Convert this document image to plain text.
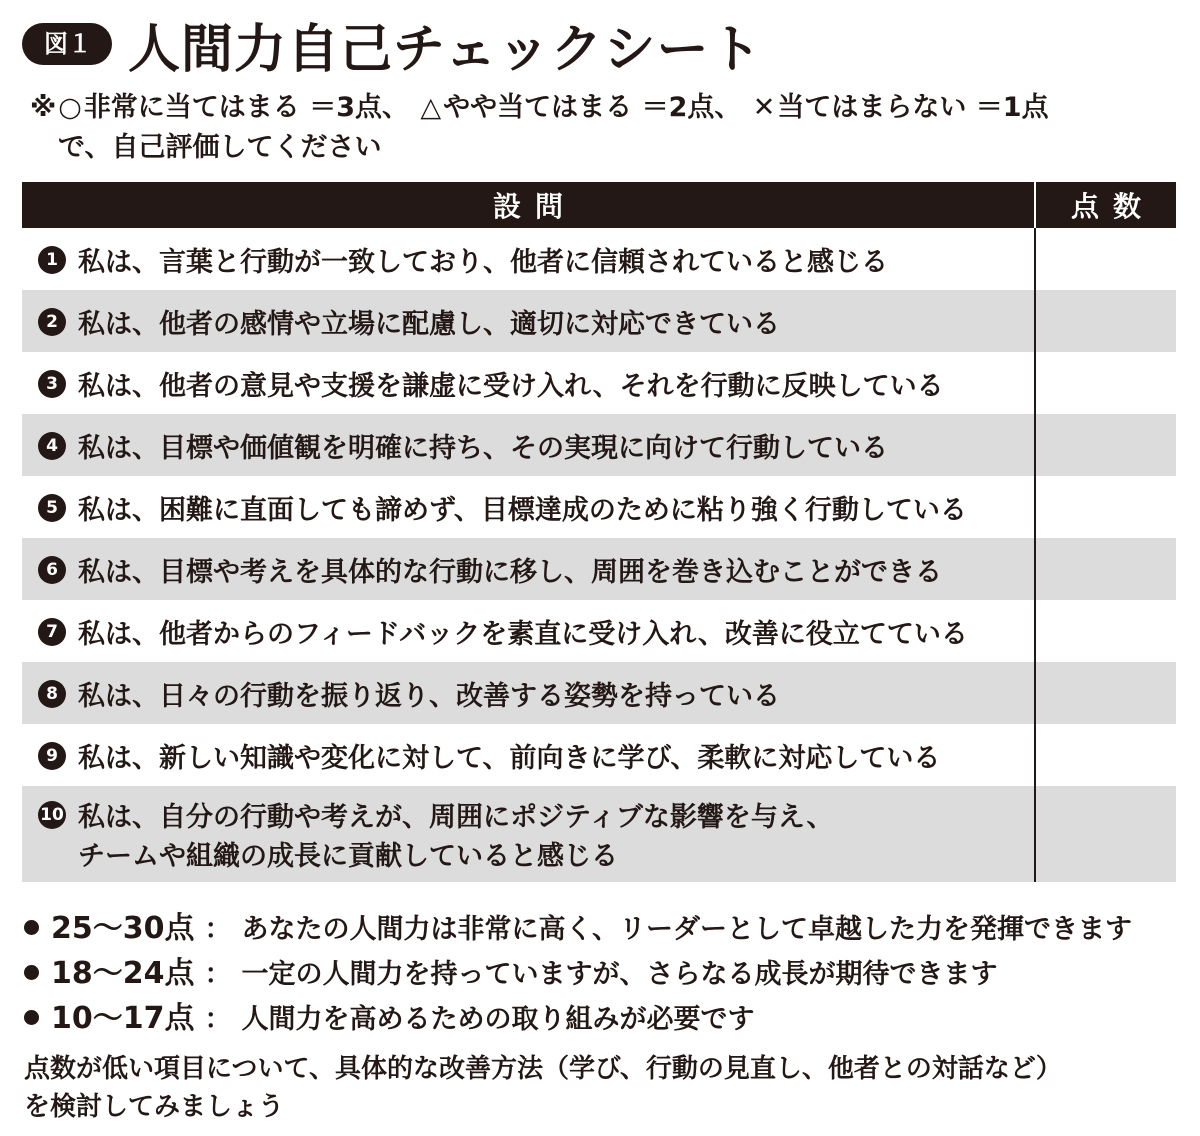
図１ 人間力自己チェックシート
※○非常に当てはまる ＝3点、 △やや当てはまる ＝2点、 ✕当てはまらない ＝1点
で、自己評価してください
設問	点数
1 私は、言葉と行動が一致しており、他者に信頼されていると感じる	
2 私は、他者の感情や立場に配慮し、適切に対応できている	
3 私は、他者の意見や支援を謙虚に受け入れ、それを行動に反映している	
4 私は、目標や価値観を明確に持ち、その実現に向けて行動している	
5 私は、困難に直面しても諦めず、目標達成のために粘り強く行動している	
6 私は、目標や考えを具体的な行動に移し、周囲を巻き込むことができる	
7 私は、他者からのフィードバックを素直に受け入れ、改善に役立てている	
8 私は、日々の行動を振り返り、改善する姿勢を持っている	
9 私は、新しい知識や変化に対して、前向きに学び、柔軟に対応している	
10 私は、自分の行動や考えが、周囲にポジティブな影響を与え、
チームや組織の成長に貢献していると感じる	

25〜30点 ： あなたの人間力は非常に高く、リーダーとして卓越した力を発揮できます
18〜24点 ： 一定の人間力を持っていますが、さらなる成長が期待できます
10〜17点 ： 人間力を高めるための取り組みが必要です
点数が低い項目について、具体的な改善方法（学び、行動の見直し、他者との対話など）
を検討してみましょう
